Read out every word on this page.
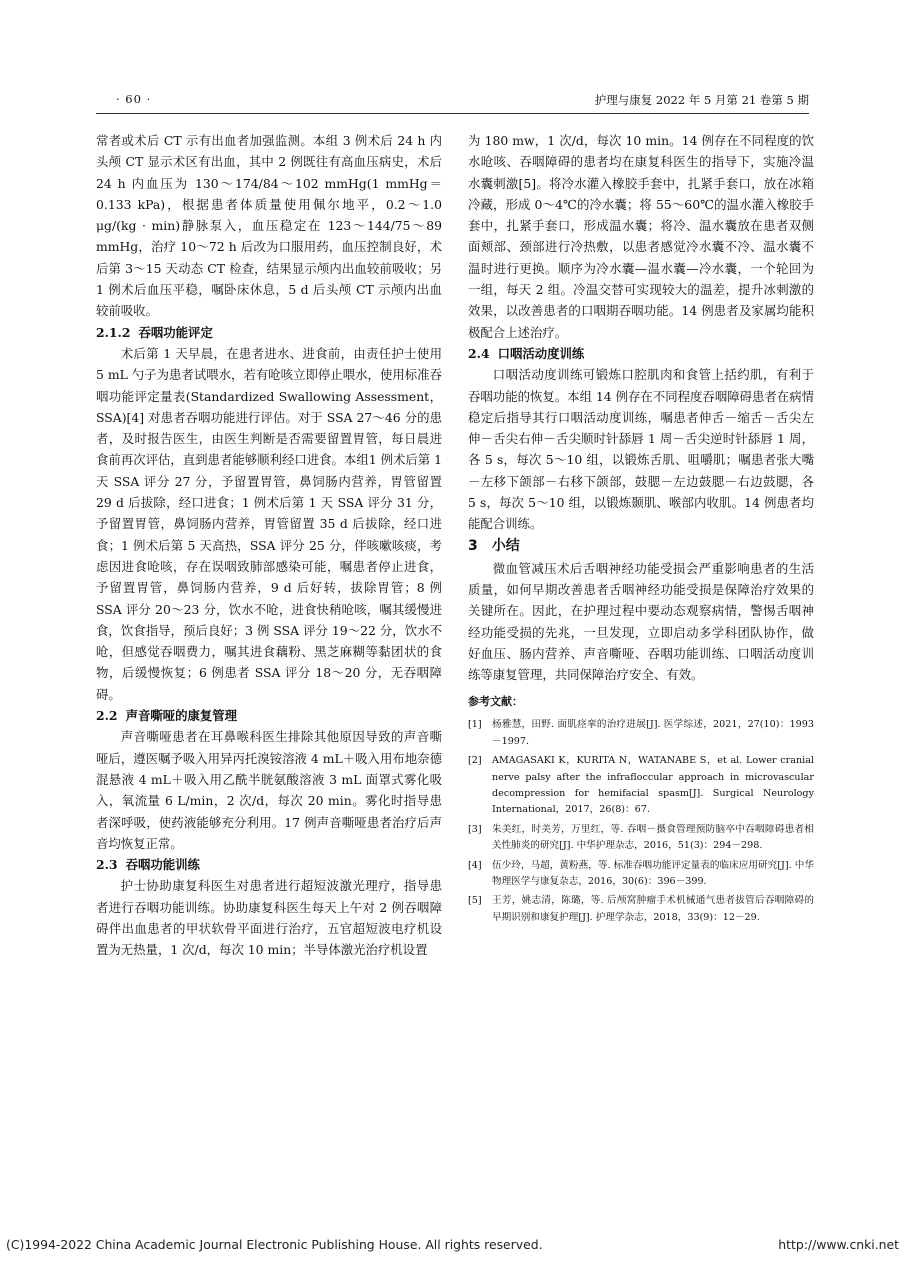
· 60 ·	护理与康复 2022 年 5 月第 21 卷第 5 期

常者或术后 CT 示有出血者加强监测。本组 3 例术后 24 h 内头颅 CT 显示术区有出血，其中 2 例既往有高血压病史，术后 24 h 内血压为 130～174/84～102 mmHg(1 mmHg＝0.133 kPa)，根据患者体质量使用佩尔地平，0.2～1.0 μg/(kg · min)静脉泵入，血压稳定在 123～144/75～89 mmHg，治疗 10～72 h 后改为口服用药，血压控制良好，术后第 3～15 天动态 CT 检查，结果显示颅内出血较前吸收；另 1 例术后血压平稳，嘱卧床休息，5 d 后头颅 CT 示颅内出血较前吸收。

2.1.2 吞咽功能评定

术后第 1 天早晨，在患者进水、进食前，由责任护士使用 5 mL 勺子为患者试喂水，若有呛咳立即停止喂水，使用标准吞咽功能评定量表(Standardized Swallowing Assessment，SSA)[4] 对患者吞咽功能进行评估。对于 SSA 27～46 分的患者，及时报告医生，由医生判断是否需要留置胃管，每日晨进食前再次评估，直到患者能够顺利经口进食。本组1 例术后第 1 天 SSA 评分 27 分，予留置胃管，鼻饲肠内营养，胃管留置 29 d 后拔除，经口进食；1 例术后第 1 天 SSA 评分 31 分，予留置胃管，鼻饲肠内营养，胃管留置 35 d 后拔除，经口进食；1 例术后第 5 天高热，SSA 评分 25 分，伴咳嗽咳痰，考虑因进食呛咳，存在误咽致肺部感染可能，嘱患者停止进食，予留置胃管，鼻饲肠内营养，9 d 后好转，拔除胃管；8 例 SSA 评分 20～23 分，饮水不呛，进食快稍呛咳，嘱其缓慢进食，饮食指导，预后良好；3 例 SSA 评分 19～22 分，饮水不呛，但感觉吞咽费力，嘱其进食藕粉、黑芝麻糊等黏团状的食物，后缓慢恢复；6 例患者 SSA 评分 18～20 分，无吞咽障碍。

2.2 声音嘶哑的康复管理

声音嘶哑患者在耳鼻喉科医生排除其他原因导致的声音嘶哑后，遵医嘱予吸入用异丙托溴铵溶液 4 mL＋吸入用布地奈德混悬液 4 mL＋吸入用乙酰半胱氨酸溶液 3 mL 面罩式雾化吸入，氧流量 6 L/min，2 次/d，每次 20 min。雾化时指导患者深呼吸，使药液能够充分利用。17 例声音嘶哑患者治疗后声音均恢复正常。

2.3 吞咽功能训练

护士协助康复科医生对患者进行超短波激光理疗，指导患者进行吞咽功能训练。协助康复科医生每天上午对 2 例吞咽障碍伴出血患者的甲状软骨平面进行治疗，五官超短波电疗机设置为无热量，1 次/d，每次 10 min；半导体激光治疗机设置

为 180 mw，1 次/d，每次 10 min。14 例存在不同程度的饮水呛咳、吞咽障碍的患者均在康复科医生的指导下，实施冷温水囊刺激[5]。将冷水灌入橡胶手套中，扎紧手套口，放在冰箱冷藏，形成 0～4℃的冷水囊；将 55～60℃的温水灌入橡胶手套中，扎紧手套口，形成温水囊；将冷、温水囊放在患者双侧面颊部、颈部进行冷热敷，以患者感觉冷水囊不冷、温水囊不温时进行更换。顺序为冷水囊—温水囊—冷水囊，一个轮回为一组，每天 2 组。冷温交替可实现较大的温差，提升冰刺激的效果，以改善患者的口咽期吞咽功能。14 例患者及家属均能积极配合上述治疗。

2.4 口咽活动度训练

口咽活动度训练可锻炼口腔肌肉和食管上括约肌，有利于吞咽功能的恢复。本组 14 例存在不同程度吞咽障碍患者在病情稳定后指导其行口咽活动度训练，嘱患者伸舌－缩舌－舌尖左伸－舌尖右伸－舌尖顺时针舔唇 1 周－舌尖逆时针舔唇 1 周，各 5 s，每次 5～10 组，以锻炼舌肌、咀嚼肌；嘱患者张大嘴－左移下颌部－右移下颌部，鼓腮－左边鼓腮－右边鼓腮，各 5 s，每次 5～10 组，以锻炼颞肌、喉部内收肌。14 例患者均能配合训练。

3 小结

微血管减压术后舌咽神经功能受损会严重影响患者的生活质量，如何早期改善患者舌咽神经功能受损是保障治疗效果的关键所在。因此，在护理过程中要动态观察病情，警惕舌咽神经功能受损的先兆，一旦发现，立即启动多学科团队协作，做好血压、肠内营养、声音嘶哑、吞咽功能训练、口咽活动度训练等康复管理，共同保障治疗安全、有效。

参考文献：

[1]	杨雅慧，田野. 面肌痉挛的治疗进展[J]. 医学综述，2021，27(10)：1993－1997.
[2]	AMAGASAKI K，KURITA N，WATANABE S，et al. Lower cranial nerve palsy after the infrafloccular approach in microvascular decompression for hemifacial spasm[J]. Surgical Neurology International，2017，26(8)：67.
[3]	朱美红，时美芳，万里红，等. 吞咽－摄食管理预防脑卒中吞咽障碍患者相关性肺炎的研究[J]. 中华护理杂志，2016，51(3)：294－298.
[4]	伍少玲，马超，黄粉燕，等. 标准吞咽功能评定量表的临床应用研究[J]. 中华物理医学与康复杂志，2016，30(6)：396－399.
[5]	王芳，姚志清，陈璐，等. 后颅窝肿瘤手术机械通气患者拔管后吞咽障碍的早期识别和康复护理[J]. 护理学杂志，2018，33(9)：12－29.
(C)1994-2022 China Academic Journal Electronic Publishing House. All rights reserved.	http://www.cnki.net
